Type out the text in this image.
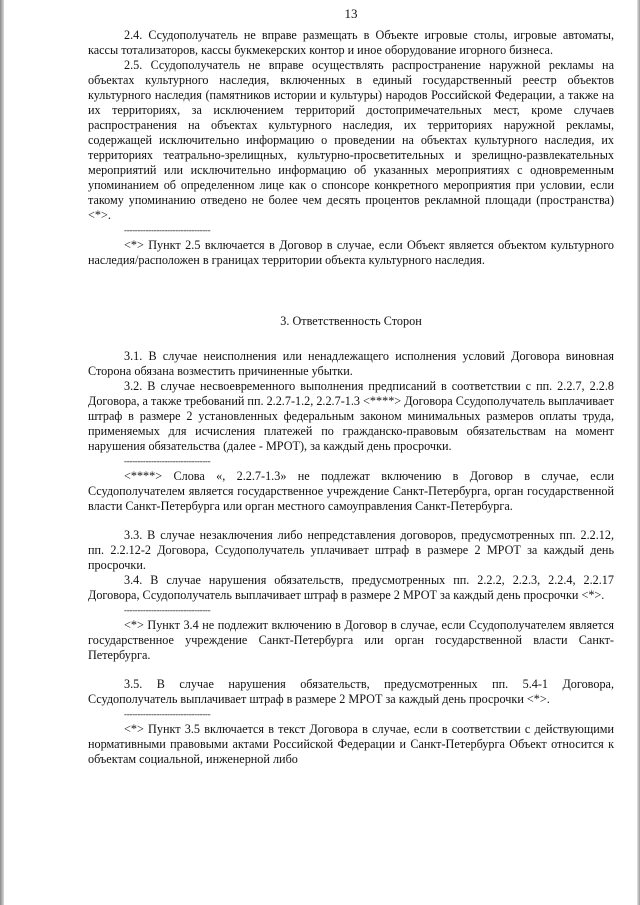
13

2.4. Ссудополучатель не вправе размещать в Объекте игровые столы, игровые автоматы, кассы тотализаторов, кассы букмекерских контор и иное оборудование игорного бизнеса.

2.5. Ссудополучатель не вправе осуществлять распространение наружной рекламы на объектах культурного наследия, включенных в единый государственный реестр объектов культурного наследия (памятников истории и культуры) народов Российской Федерации, а также на их территориях, за исключением территорий достопримечательных мест, кроме случаев распространения на объектах культурного наследия, их территориях наружной рекламы, содержащей исключительно информацию о проведении на объектах культурного наследия, их территориях театрально-зрелищных, культурно-просветительных и зрелищно-развлекательных мероприятий или исключительно информацию об указанных мероприятиях с одновременным упоминанием об определенном лице как о спонсоре конкретного мероприятия при условии, если такому упоминанию отведено не более чем десять процентов рекламной площади (пространства) <*>.

--------------------------------

<*> Пункт 2.5 включается в Договор в случае, если Объект является объектом культурного наследия/расположен в границах территории объекта культурного наследия.

3. Ответственность Сторон

3.1. В случае неисполнения или ненадлежащего исполнения условий Договора виновная Сторона обязана возместить причиненные убытки.

3.2. В случае несвоевременного выполнения предписаний в соответствии с пп. 2.2.7, 2.2.8 Договора, а также требований пп. 2.2.7-1.2, 2.2.7-1.3 <****> Договора Ссудополучатель выплачивает штраф в размере 2 установленных федеральным законом минимальных размеров оплаты труда, применяемых для исчисления платежей по гражданско-правовым обязательствам на момент нарушения обязательства (далее - МРОТ), за каждый день просрочки.

--------------------------------

<****> Слова «, 2.2.7-1.3» не подлежат включению в Договор в случае, если Ссудополучателем является государственное учреждение Санкт-Петербурга, орган государственной власти Санкт-Петербурга или орган местного самоуправления Санкт-Петербурга.

3.3. В случае незаключения либо непредставления договоров, предусмотренных пп. 2.2.12, пп. 2.2.12-2 Договора, Ссудополучатель уплачивает штраф в размере 2 МРОТ за каждый день просрочки.

3.4. В случае нарушения обязательств, предусмотренных пп. 2.2.2, 2.2.3, 2.2.4, 2.2.17 Договора, Ссудополучатель выплачивает штраф в размере 2 МРОТ за каждый день просрочки <*>.

--------------------------------

<*> Пункт 3.4 не подлежит включению в Договор в случае, если Ссудополучателем является государственное учреждение Санкт-Петербурга или орган государственной власти Санкт-Петербурга.

3.5. В случае нарушения обязательств, предусмотренных пп. 5.4-1 Договора, Ссудополучатель выплачивает штраф в размере 2 МРОТ за каждый день просрочки <*>.

--------------------------------

<*> Пункт 3.5 включается в текст Договора в случае, если в соответствии с действующими нормативными правовыми актами Российской Федерации и Санкт-Петербурга Объект относится к объектам социальной, инженерной либо
